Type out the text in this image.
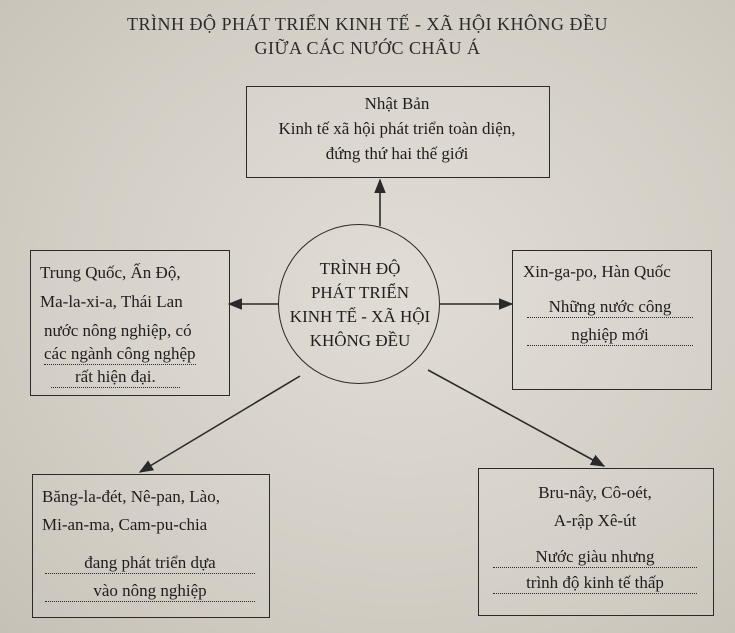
TRÌNH ĐỘ PHÁT TRIỂN KINH TẾ - XÃ HỘI KHÔNG ĐỀU
GIỮA CÁC NƯỚC CHÂU Á
Nhật Bản
Kinh tế xã hội phát triển toàn diện,
đứng thứ hai thế giới
Trung Quốc, Ấn Độ,
Ma-la-xi-a, Thái Lan
nước nông nghiệp, có
các ngành công nghệp
rất hiện đại.
TRÌNH ĐỘ
PHÁT TRIỂN
KINH TẾ - XÃ HỘI
KHÔNG ĐỀU
Xin-ga-po, Hàn Quốc
Những nước công
nghiệp mới
Băng-la-đét, Nê-pan, Lào,
Mi-an-ma, Cam-pu-chia
đang phát triển dựa
vào nông nghiệp
Bru-nây, Cô-oét,
A-rập Xê-út
Nước giàu nhưng
trình độ kinh tế thấp
